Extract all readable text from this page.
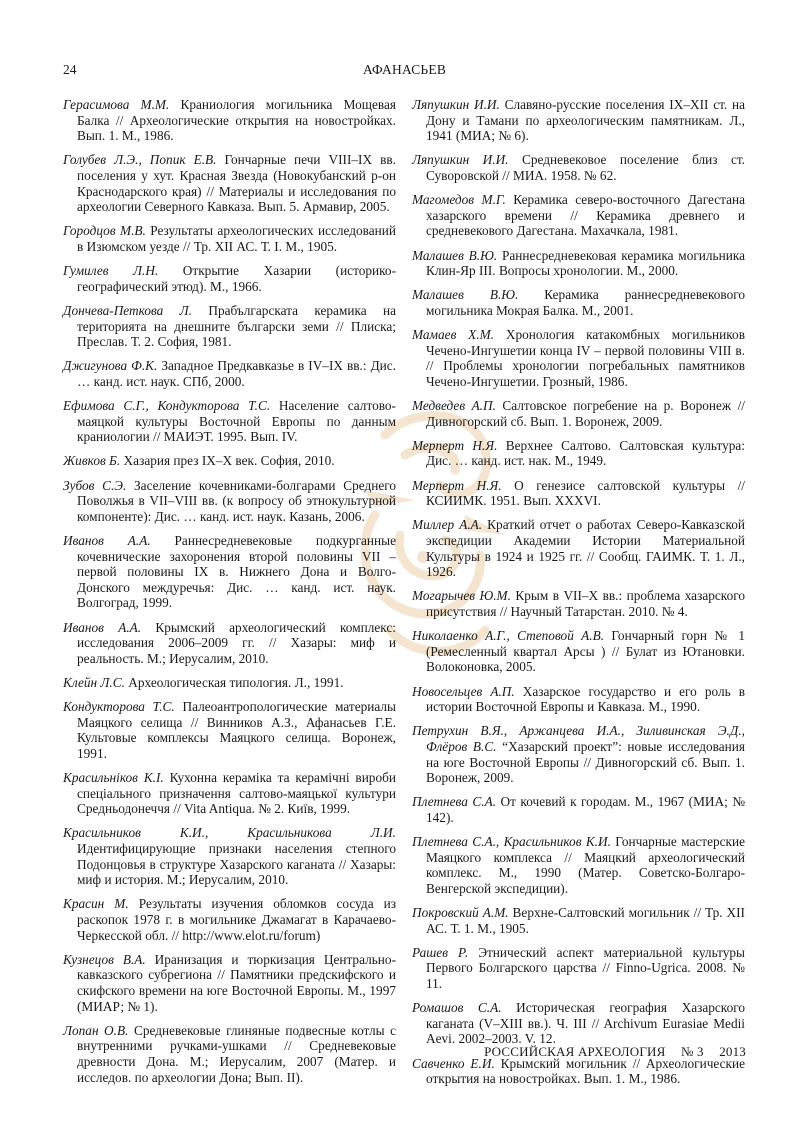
24	АФАНАСЬЕВ

Герасимова М.М. Краниология могильника Мощевая Балка // Археологические открытия на новостройках. Вып. 1. М., 1986.

Голубев Л.Э., Попик Е.В. Гончарные печи VIII–IX вв. поселения у хут. Красная Звезда (Новокубанский р-он Краснодарского края) // Материалы и исследования по археологии Северного Кавказа. Вып. 5. Армавир, 2005.

Городцов М.В. Результаты археологических исследований в Изюмском уезде // Тр. XII АС. Т. I. М., 1905.

Гумилев Л.Н. Открытие Хазарии (историко-географический этюд). М., 1966.

Дончева-Петкова Л. Прабългарската керамика на територията на днешните български земи // Плиска; Преслав. Т. 2. София, 1981.

Джигунова Ф.К. Западное Предкавказье в IV–IX вв.: Дис. … канд. ист. наук. СПб, 2000.

Ефимова С.Г., Кондукторова Т.С. Население салтово-маяцкой культуры Восточной Европы по данным краниологии // МАИЭТ. 1995. Вып. IV.

Живков Б. Хазария през IX–X век. София, 2010.

Зубов С.Э. Заселение кочевниками-болгарами Среднего Поволжья в VII–VIII вв. (к вопросу об этнокультурной компоненте): Дис. … канд. ист. наук. Казань, 2006.

Иванов А.А. Раннесредневековые подкурганные кочевнические захоронения второй половины VII – первой половины IX в. Нижнего Дона и Волго-Донского междуречья: Дис. … канд. ист. наук. Волгоград, 1999.

Иванов А.А. Крымский археологический комплекс: исследования 2006–2009 гг. // Хазары: миф и реальность. М.; Иерусалим, 2010.

Клейн Л.С. Археологическая типология. Л., 1991.

Кондукторова Т.С. Палеоантропологические материалы Маяцкого селища // Винников А.З., Афанасьев Г.Е. Культовые комплексы Маяцкого селища. Воронеж, 1991.

Красильніков К.І. Кухонна кераміка та керамічні вироби спеціального призначення салтово-маяцької культури Средньодонеччя // Vita Antiqua. № 2. Київ, 1999.

Красильников К.И., Красильникова Л.И. Идентифицирующие признаки населения степного Подонцовья в структуре Хазарского каганата // Хазары: миф и история. М.; Иерусалим, 2010.

Красин М. Результаты изучения обломков сосуда из раскопок 1978 г. в могильнике Джамагат в Карачаево-Черкесской обл. // http://www.elot.ru/forum)

Кузнецов В.А. Иранизация и тюркизация Центрально-кавказского субрегиона // Памятники предскифского и скифского времени на юге Восточной Европы. М., 1997 (МИАР; № 1).

Лопан О.В. Средневековые глиняные подвесные котлы с внутренними ручками-ушками // Средневековые древности Дона. М.; Иерусалим, 2007 (Матер. и исследов. по археологии Дона; Вып. II).

Ляпушкин И.И. Славяно-русские поселения IX–XII ст. на Дону и Тамани по археологическим памятникам. Л., 1941 (МИА; № 6).

Ляпушкин И.И. Средневековое поселение близ ст. Суворовской // МИА. 1958. № 62.

Магомедов М.Г. Керамика северо-восточного Дагестана хазарского времени // Керамика древнего и средневекового Дагестана. Махачкала, 1981.

Малашев В.Ю. Раннесредневековая керамика могильника Клин-Яр III. Вопросы хронологии. М., 2000.

Малашев В.Ю. Керамика раннесредневекового могильника Мокрая Балка. М., 2001.

Мамаев Х.М. Хронология катакомбных могильников Чечено-Ингушетии конца IV – первой половины VIII в. // Проблемы хронологии погребальных памятников Чечено-Ингушетии. Грозный, 1986.

Медведев А.П. Салтовское погребение на р. Воронеж // Дивногорский сб. Вып. 1. Воронеж, 2009.

Мерперт Н.Я. Верхнее Салтово. Салтовская культура: Дис. … канд. ист. нак. М., 1949.

Мерперт Н.Я. О генезисе салтовской культуры // КСИИМК. 1951. Вып. XXXVI.

Миллер А.А. Краткий отчет о работах Северо-Кавказской экспедиции Академии Истории Материальной Культуры в 1924 и 1925 гг. // Сообщ. ГАИМК. Т. 1. Л., 1926.

Могарычев Ю.М. Крым в VII–X вв.: проблема хазарского присутствия // Научный Татарстан. 2010. № 4.

Николаенко А.Г., Степовой А.В. Гончарный горн № 1 (Ремесленный квартал Арсы ) // Булат из Ютановки. Волоконовка, 2005.

Новосельцев А.П. Хазарское государство и его роль в истории Восточной Европы и Кавказа. М., 1990.

Петрухин В.Я., Аржанцева И.А., Зиливинская Э.Д., Флёров В.С. “Хазарский проект”: новые исследования на юге Восточной Европы // Дивногорский сб. Вып. 1. Воронеж, 2009.

Плетнева С.А. От кочевий к городам. М., 1967 (МИА; № 142).

Плетнева С.А., Красильников К.И. Гончарные мастерские Маяцкого комплекса // Маяцкий археологический комплекс. М., 1990 (Матер. Советско-Болгаро-Венгерской экспедиции).

Покровский А.М. Верхне-Салтовский могильник // Тр. XII АС. Т. 1. М., 1905.

Рашев Р. Этнический аспект материальной культуры Первого Болгарского царства // Finno-Ugrica. 2008. № 11.

Ромашов С.А. Историческая география Хазарского каганата (V–XIII вв.). Ч. III // Archivum Eurasiae Medii Aevi. 2002–2003. V. 12.

Савченко Е.И. Крымский могильник // Археологические открытия на новостройках. Вып. 1. М., 1986.

РОССИЙСКАЯ АРХЕОЛОГИЯ № 3 2013
